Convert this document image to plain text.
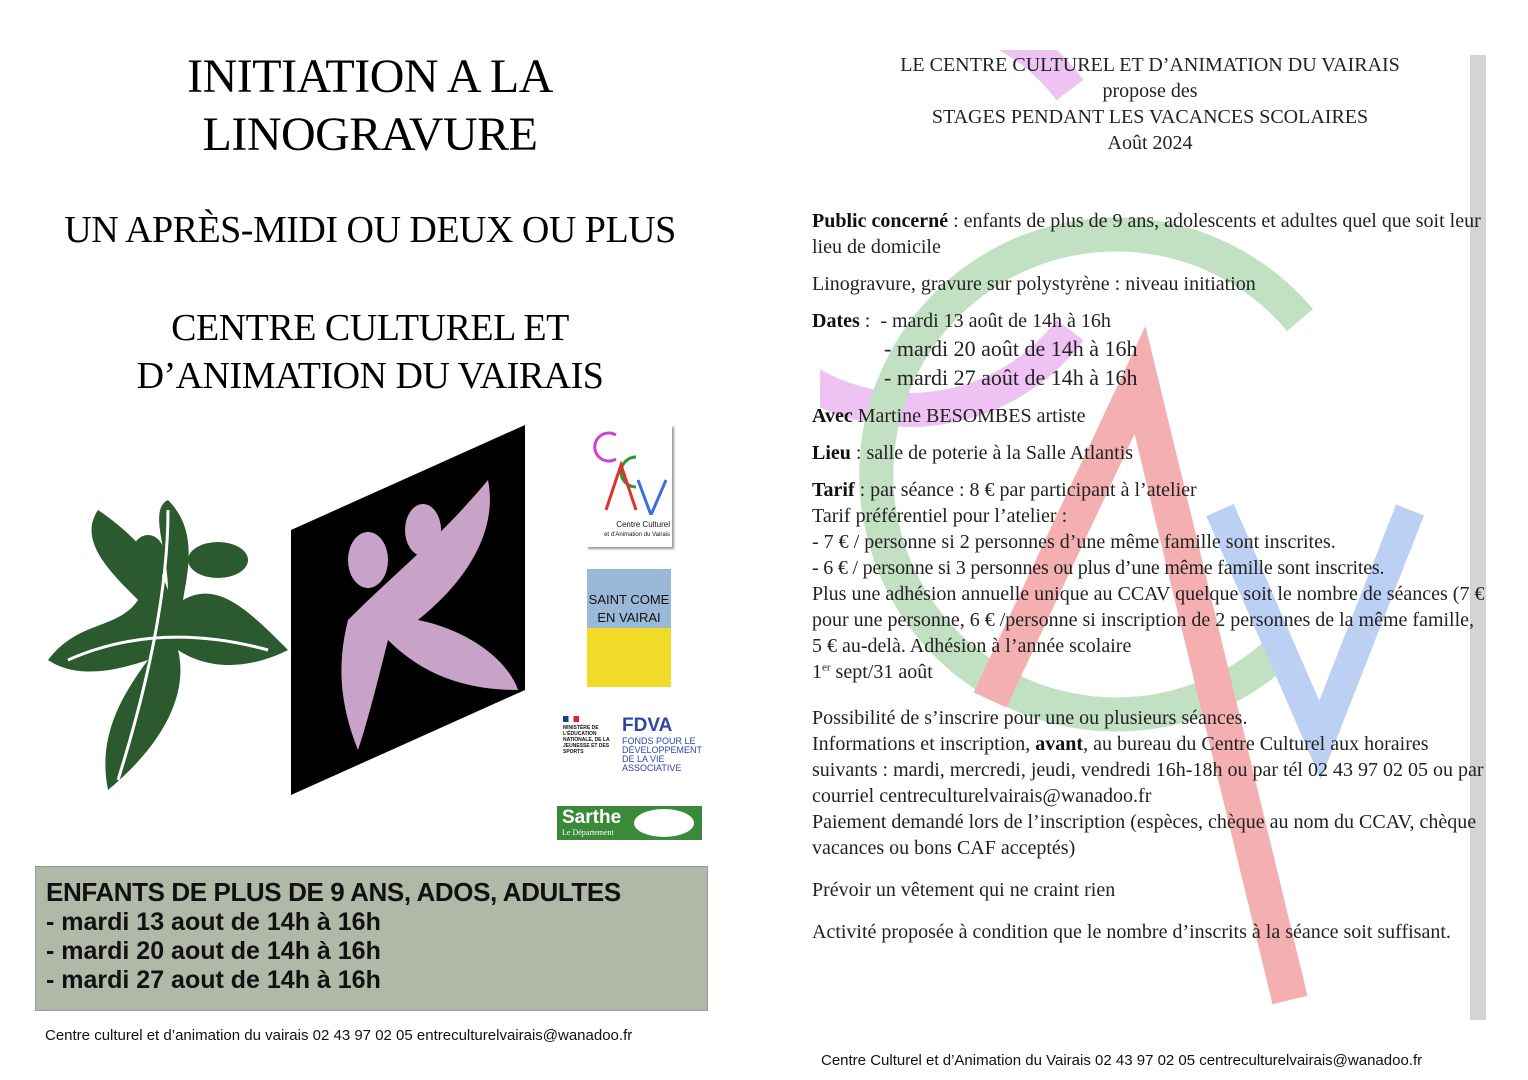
INITIATION A LA
LINOGRAVURE
UN APRÈS-MIDI OU DEUX OU PLUS
CENTRE CULTUREL ET
D’ANIMATION DU VAIRAIS
Centre Culturel
et d’Animation du Vairais
SAINT COME EN VAIRAI
MINISTÈRE DE L’ÉDUCATION NATIONALE, DE LA JEUNESSE ET DES SPORTS
FDVA
FONDS POUR LE DÉVELOPPEMENT DE LA VIE ASSOCIATIVE
Sarthe
Le Département
ENFANTS DE PLUS DE 9 ANS, ADOS, ADULTES
- mardi 13 aout de 14h à 16h
- mardi 20 aout de 14h à 16h
- mardi 27 aout de 14h à 16h
Centre culturel et d’animation du vairais 02 43 97 02 05 entreculturelvairais@wanadoo.fr
LE CENTRE CULTUREL ET D’ANIMATION DU VAIRAIS
propose des
STAGES PENDANT LES VACANCES SCOLAIRES
Août 2024
Public concerné : enfants de plus de 9 ans, adolescents et adultes quel que soit leur lieu de domicile
Linogravure, gravure sur polystyrène : niveau initiation
Dates :  - mardi 13 août de 14h à 16h
- mardi 20 août de 14h à 16h
- mardi 27 août de 14h à 16h
Avec Martine BESOMBES artiste
Lieu : salle de poterie à la Salle Atlantis
Tarif : par séance : 8 € par participant à l’atelier
Tarif préférentiel pour l’atelier :
- 7 € / personne si 2 personnes d’une même famille sont inscrites.
- 6 € / personne si 3 personnes ou plus d’une même famille sont inscrites.
Plus une adhésion annuelle unique au CCAV quelque soit le nombre de séances (7 € pour une personne, 6 € /personne si inscription de 2 personnes de la même famille, 5 € au-delà. Adhésion à l’année scolaire
1er sept/31 août
Possibilité de s’inscrire pour une ou plusieurs séances.
Informations et inscription, avant, au bureau du Centre Culturel aux horaires suivants : mardi, mercredi, jeudi, vendredi 16h-18h ou par tél 02 43 97 02 05 ou par courriel centreculturelvairais@wanadoo.fr
Paiement demandé lors de l’inscription (espèces, chèque au nom du CCAV, chèque vacances ou bons CAF acceptés)
Prévoir un vêtement qui ne craint rien
Activité proposée à condition que le nombre d’inscrits à la séance soit suffisant.
Centre Culturel et d’Animation du Vairais 02 43 97 02 05 centreculturelvairais@wanadoo.fr
